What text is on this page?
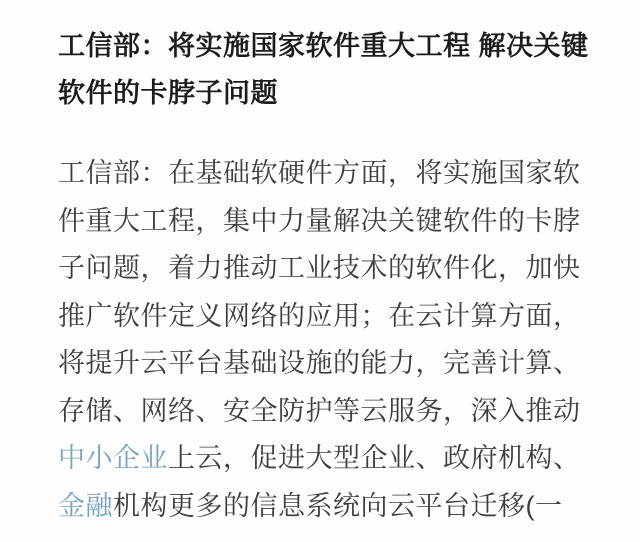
工信部：将实施国家软件重大工程 解决关键
软件的卡脖子问题
工信部：在基础软硬件方面，将实施国家软
件重大工程，集中力量解决关键软件的卡脖
子问题，着力推动工业技术的软件化，加快
推广软件定义网络的应用；在云计算方面，
将提升云平台基础设施的能力，完善计算、
存储、网络、安全防护等云服务，深入推动
中小企业上云，促进大型企业、政府机构、
金融机构更多的信息系统向云平台迁移(一
